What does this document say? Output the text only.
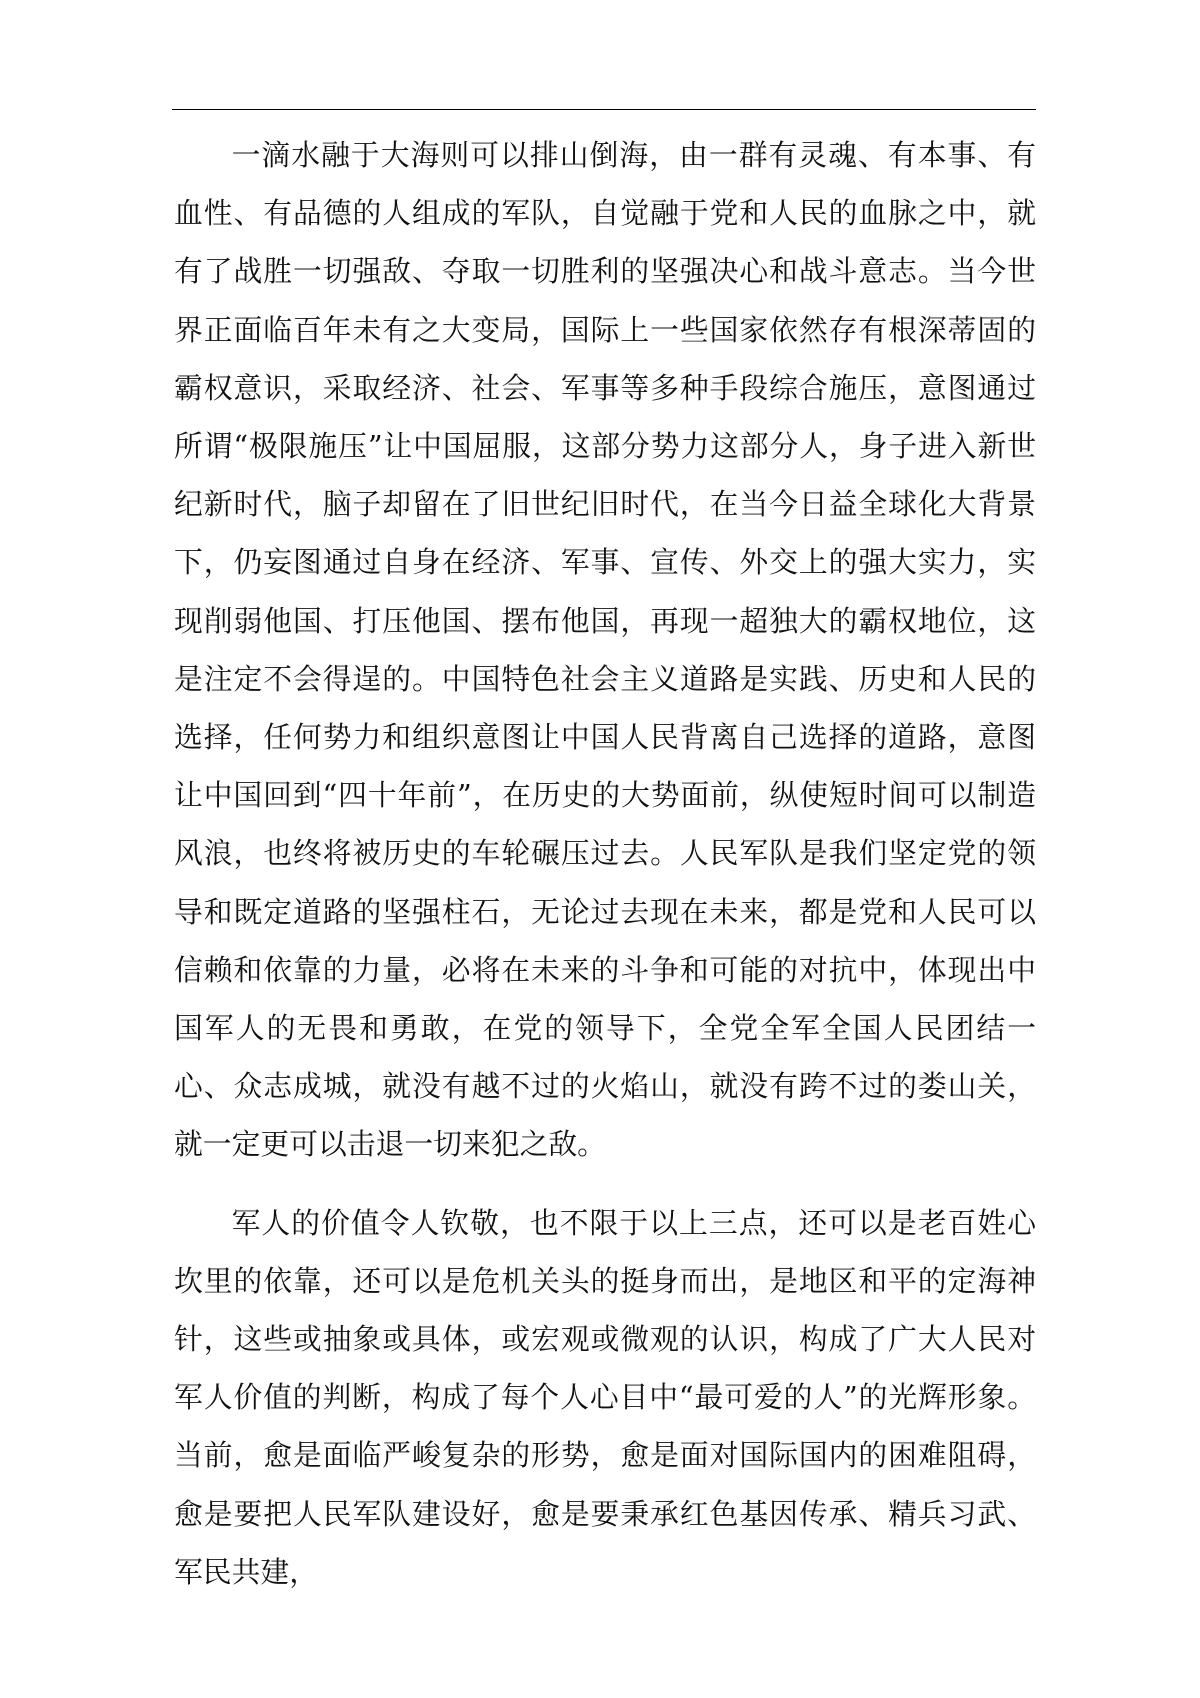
一滴水融于大海则可以排山倒海，由一群有灵魂、有本事、有血性、有品德的人组成的军队，自觉融于党和人民的血脉之中，就有了战胜一切强敌、夺取一切胜利的坚强决心和战斗意志。当今世界正面临百年未有之大变局，国际上一些国家依然存有根深蒂固的霸权意识，采取经济、社会、军事等多种手段综合施压，意图通过所谓“极限施压”让中国屈服，这部分势力这部分人，身子进入新世纪新时代，脑子却留在了旧世纪旧时代，在当今日益全球化大背景下，仍妄图通过自身在经济、军事、宣传、外交上的强大实力，实现削弱他国、打压他国、摆布他国，再现一超独大的霸权地位，这是注定不会得逞的。中国特色社会主义道路是实践、历史和人民的选择，任何势力和组织意图让中国人民背离自己选择的道路，意图让中国回到“四十年前”，在历史的大势面前，纵使短时间可以制造风浪，也终将被历史的车轮碾压过去。人民军队是我们坚定党的领导和既定道路的坚强柱石，无论过去现在未来，都是党和人民可以信赖和依靠的力量，必将在未来的斗争和可能的对抗中，体现出中国军人的无畏和勇敢，在党的领导下，全党全军全国人民团结一心、众志成城，就没有越不过的火焰山，就没有跨不过的娄山关，就一定更可以击退一切来犯之敌。

军人的价值令人钦敬，也不限于以上三点，还可以是老百姓心坎里的依靠，还可以是危机关头的挺身而出，是地区和平的定海神针，这些或抽象或具体，或宏观或微观的认识，构成了广大人民对军人价值的判断，构成了每个人心目中“最可爱的人”的光辉形象。当前，愈是面临严峻复杂的形势，愈是面对国际国内的困难阻碍，愈是要把人民军队建设好，愈是要秉承红色基因传承、精兵习武、军民共建，
